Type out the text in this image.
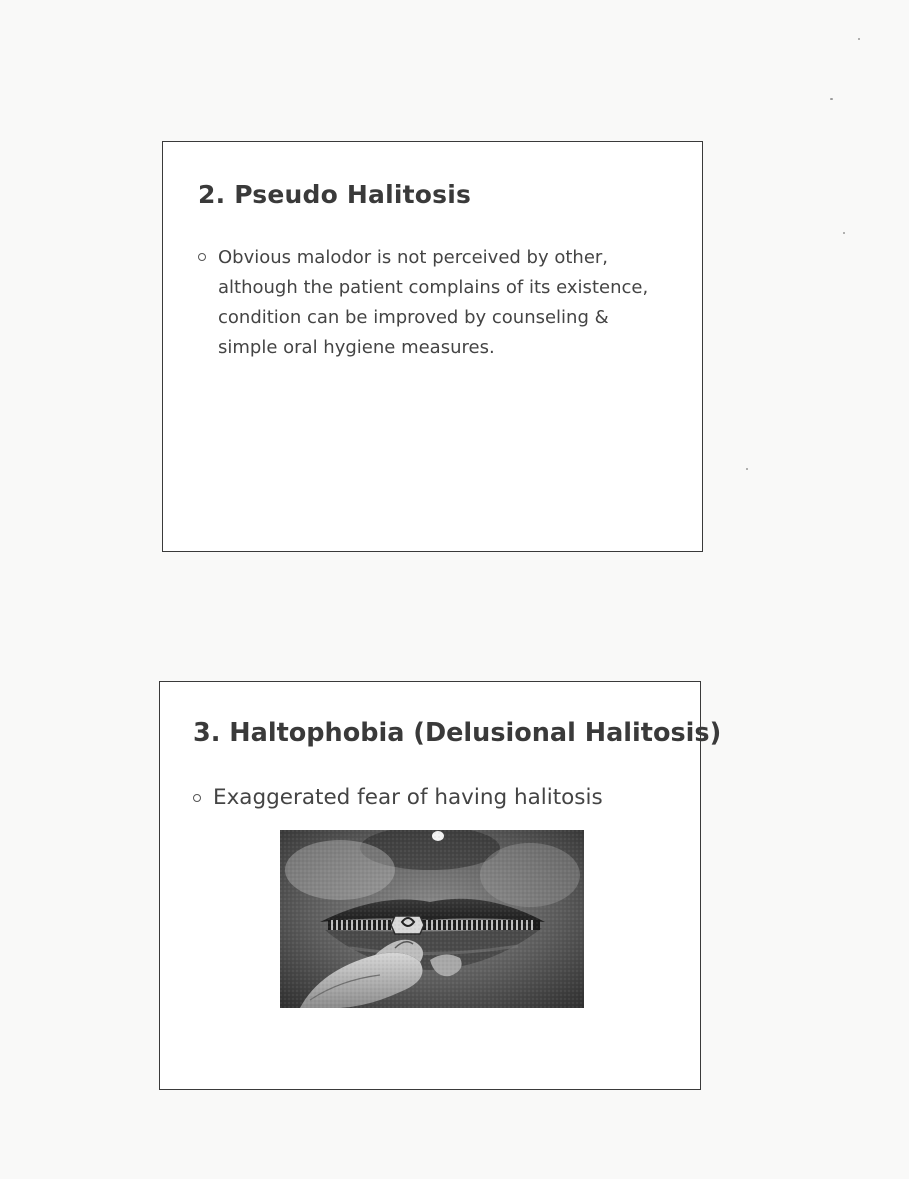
2. Pseudo Halitosis
Obvious malodor is not perceived by other, although the patient complains of its existence, condition can be improved by counseling & simple oral hygiene measures.
3. Haltophobia (Delusional Halitosis)
Exaggerated fear of having halitosis
